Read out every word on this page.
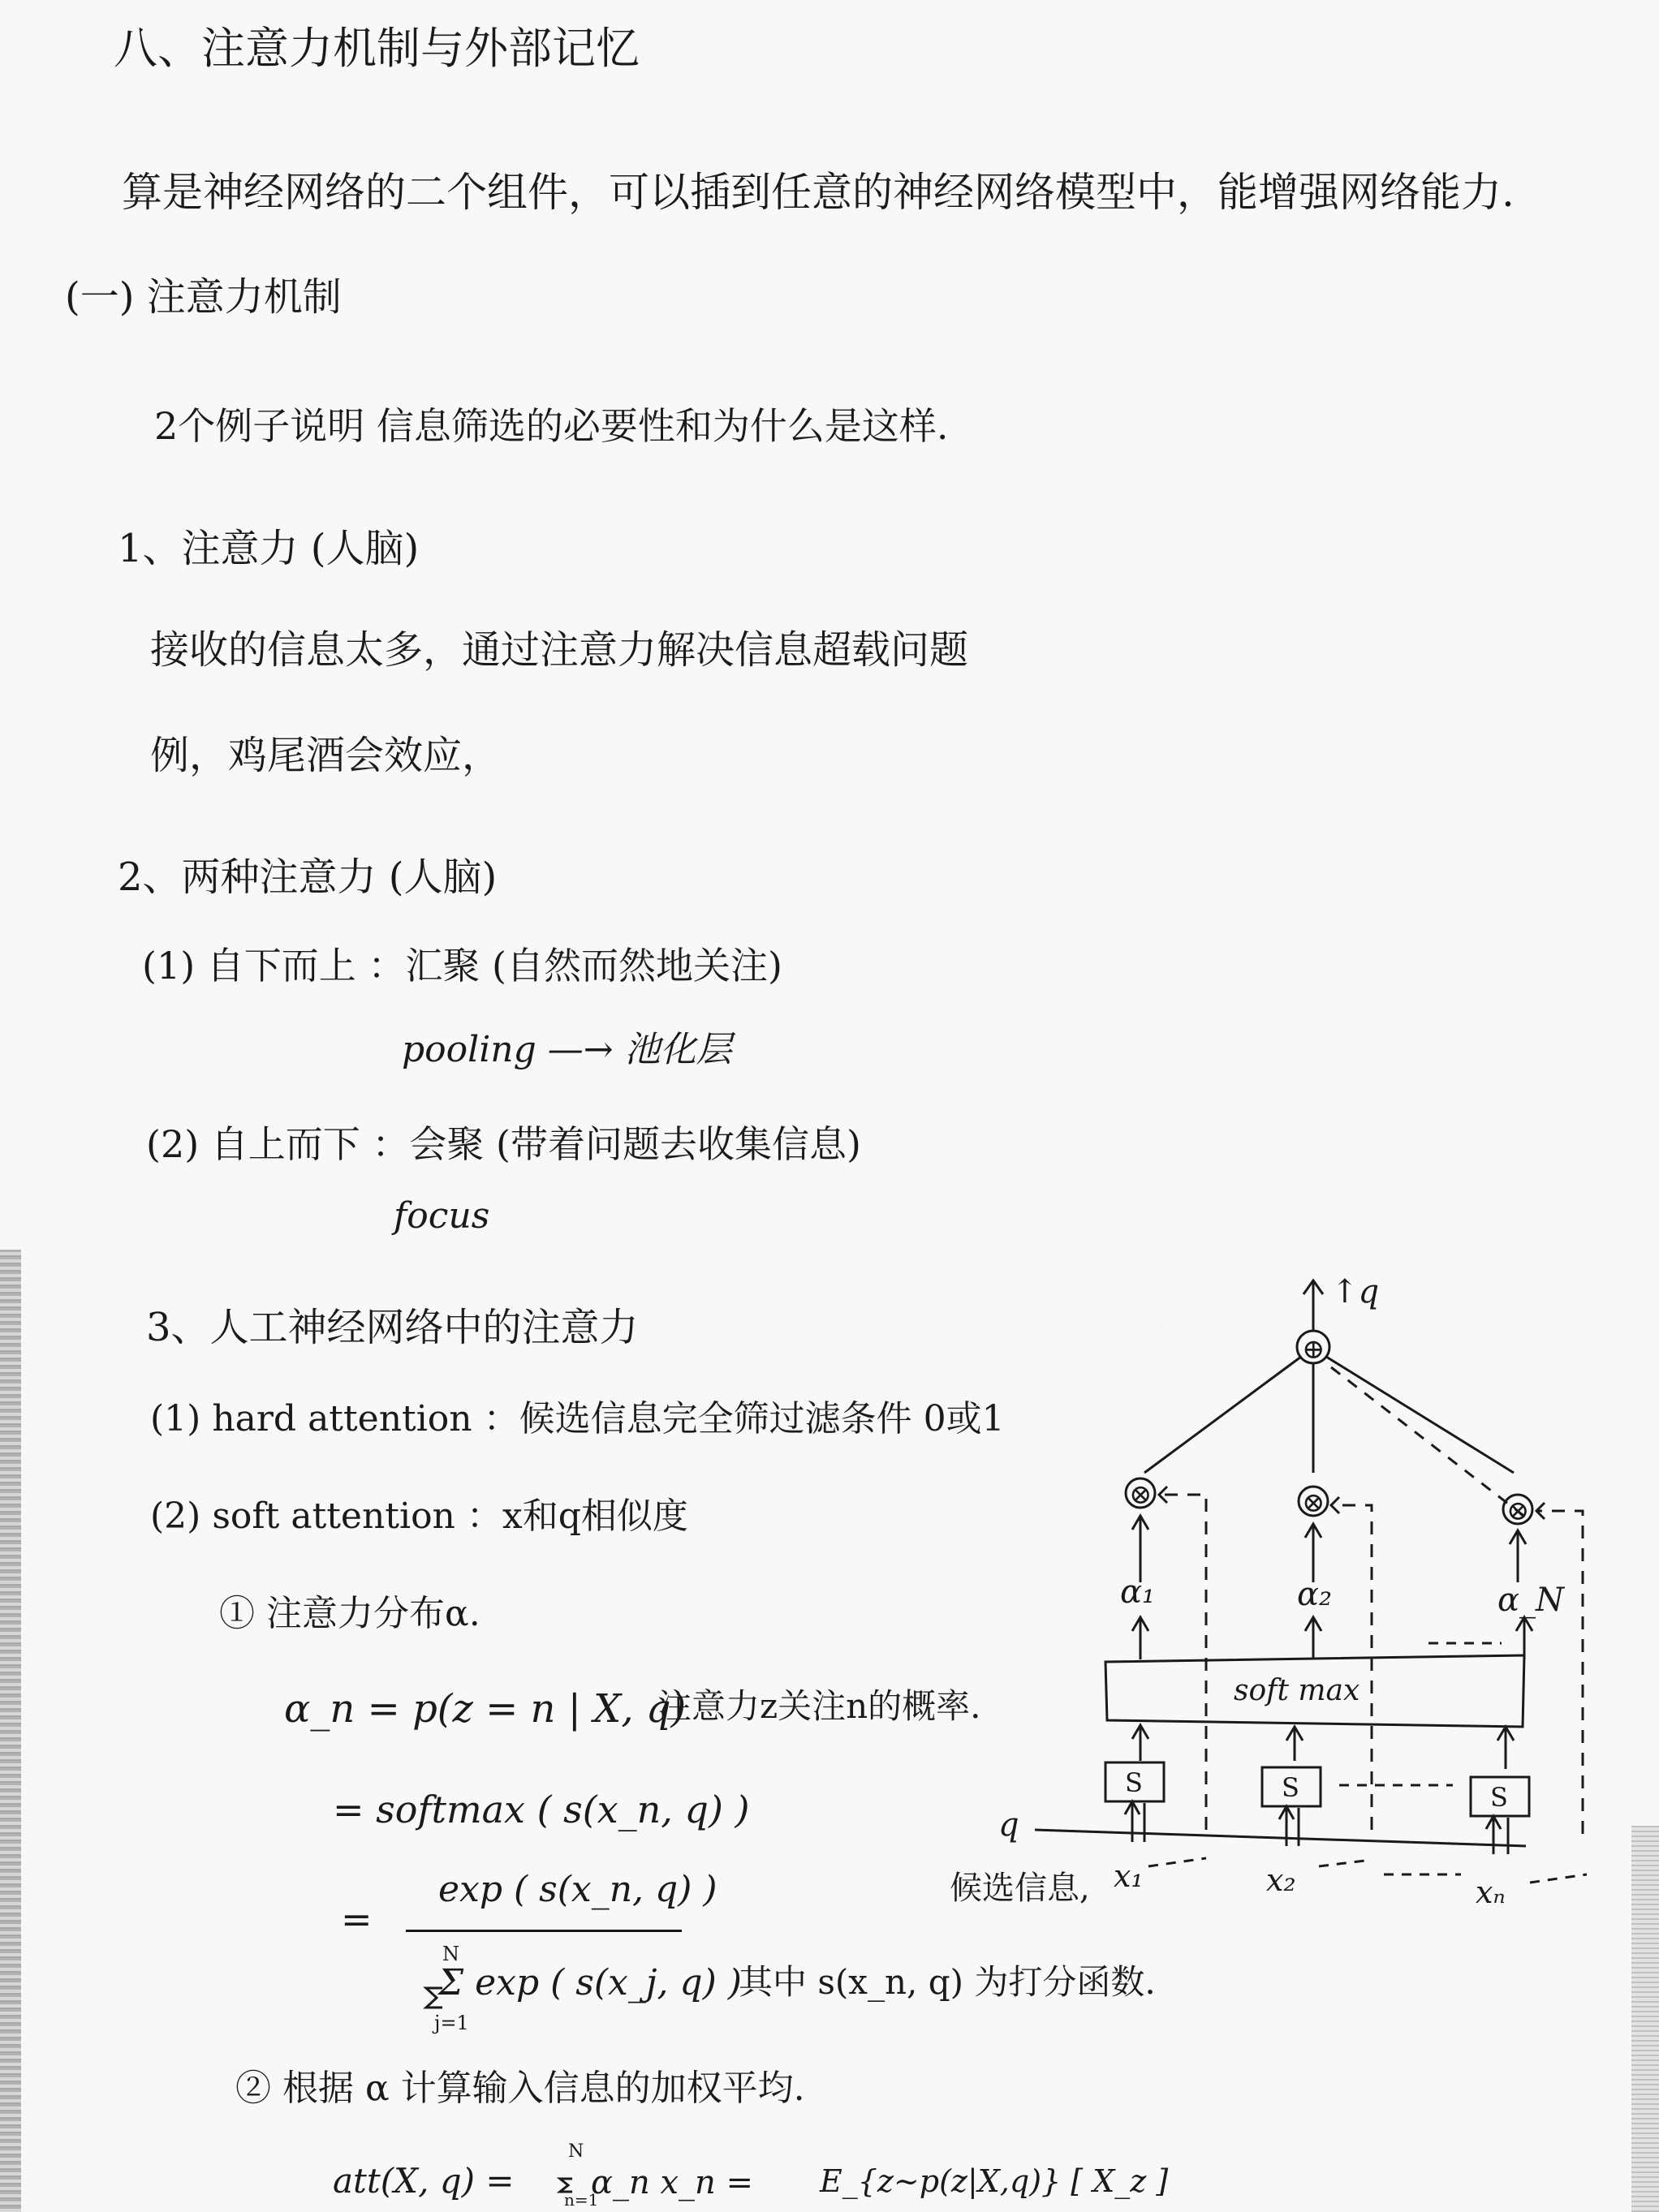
八、注意力机制与外部记忆
算是神经网络的二个组件，可以插到任意的神经网络模型中，能增强网络能力.
(一) 注意力机制
2个例子说明 信息筛选的必要性和为什么是这样.
1、注意力 (人脑)
接收的信息太多，通过注意力解决信息超载问题
例，鸡尾酒会效应，
2、两种注意力 (人脑)
(1) 自下而上 ：汇聚 (自然而然地关注)
pooling —→ 池化层
(2) 自上而下 ：会聚 (带着问题去收集信息)
focus
3、人工神经网络中的注意力
(1) hard attention ：候选信息完全筛过滤条件 0或1
(2) soft attention ：x和q相似度
① 注意力分布α.
α_n = p(z = n | X, q)
注意力z关注n的概率.
= softmax ( s(x_n, q) )
=
exp ( s(x_n, q) )
N
Σ exp ( s(x_j, q) )
j=1
其中 s(x_n, q) 为打分函数.
② 根据 α 计算输入信息的加权平均.
att(X, q) =
N
n=1
α_n x_n = E_{z~p(z|X,q)} [ X_z ]
↑q
⊕
⊗	⊗	⊗
α₁	α₂	α_N
soft max
S	S	S
q
候选信息, x₁	x₂	xₙ
